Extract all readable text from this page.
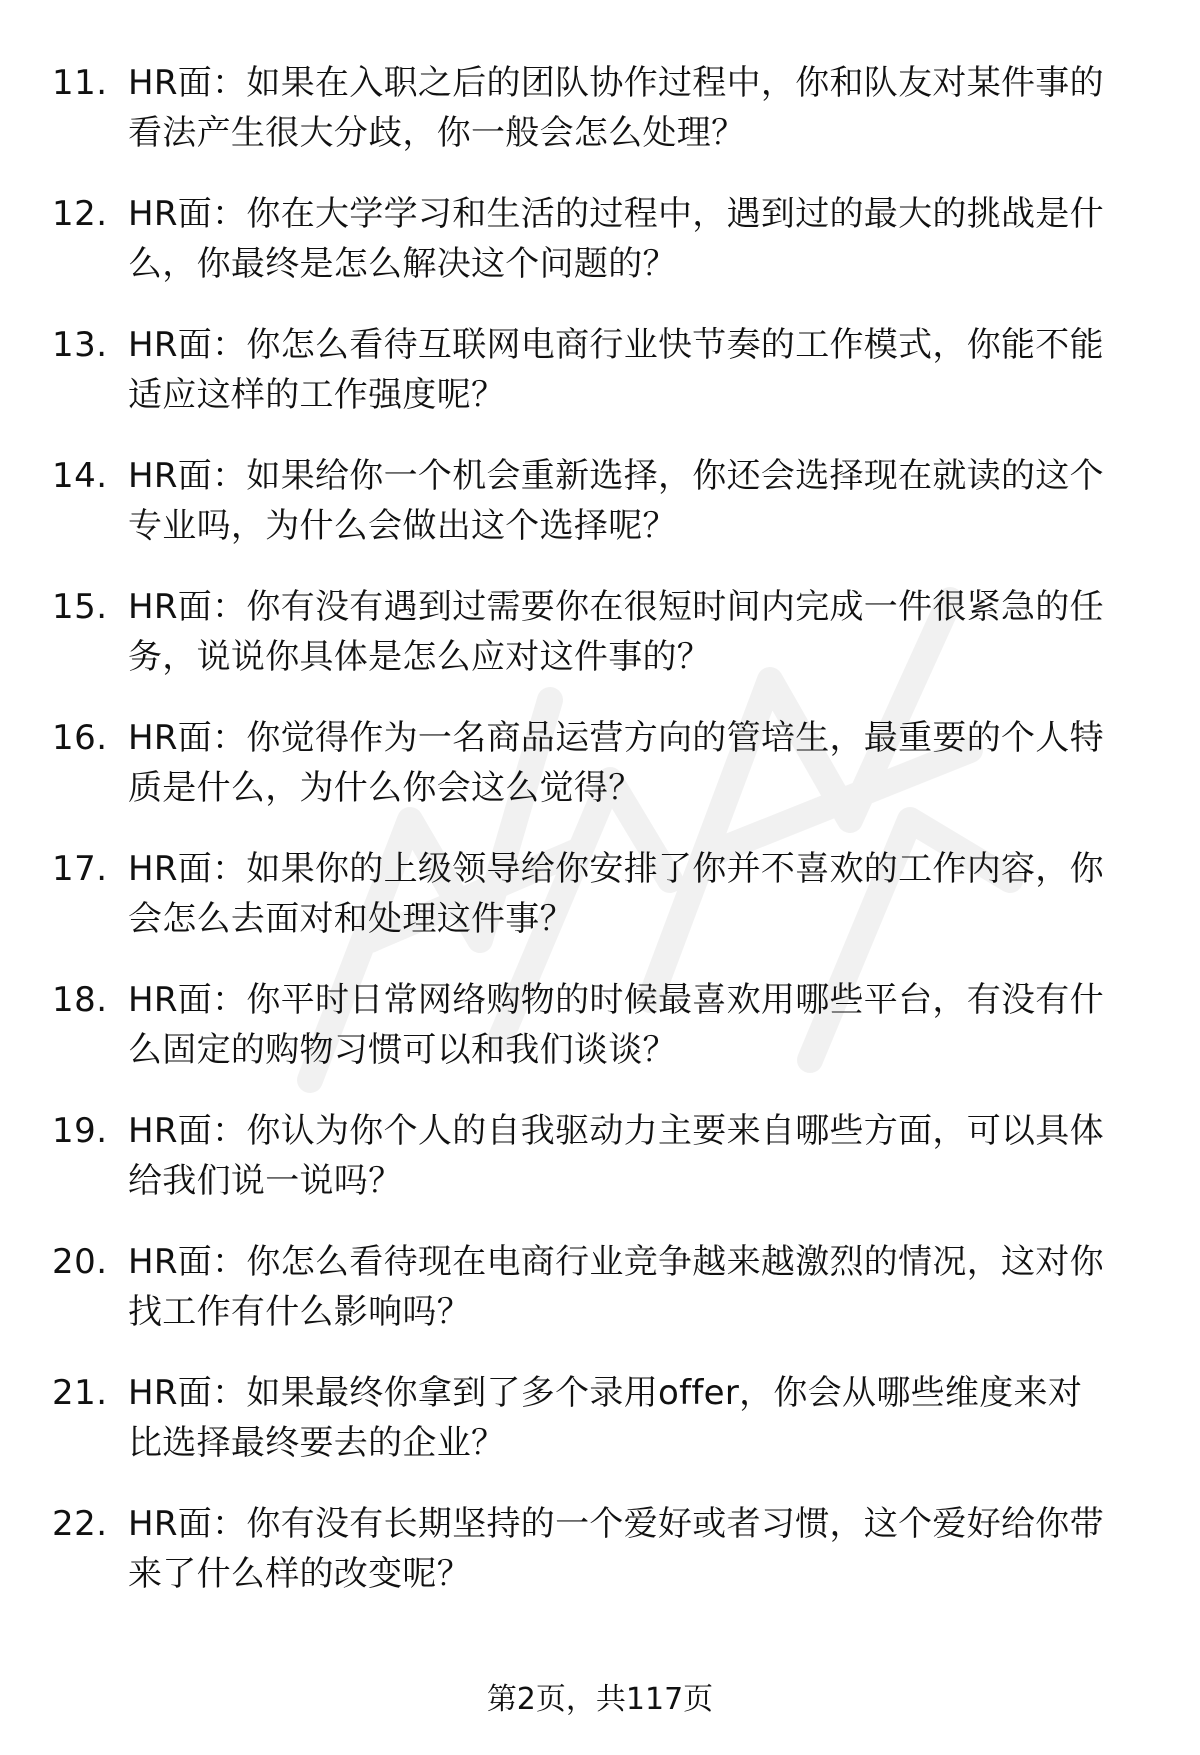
11. HR面：如果在入职之后的团队协作过程中，你和队友对某件事的
看法产生很大分歧，你一般会怎么处理？
12. HR面：你在大学学习和生活的过程中，遇到过的最大的挑战是什
么，你最终是怎么解决这个问题的？
13. HR面：你怎么看待互联网电商行业快节奏的工作模式，你能不能
适应这样的工作强度呢？
14. HR面：如果给你一个机会重新选择，你还会选择现在就读的这个
专业吗，为什么会做出这个选择呢？
15. HR面：你有没有遇到过需要你在很短时间内完成一件很紧急的任
务，说说你具体是怎么应对这件事的？
16. HR面：你觉得作为一名商品运营方向的管培生，最重要的个人特
质是什么，为什么你会这么觉得？
17. HR面：如果你的上级领导给你安排了你并不喜欢的工作内容，你
会怎么去面对和处理这件事？
18. HR面：你平时日常网络购物的时候最喜欢用哪些平台，有没有什
么固定的购物习惯可以和我们谈谈？
19. HR面：你认为你个人的自我驱动力主要来自哪些方面，可以具体
给我们说一说吗？
20. HR面：你怎么看待现在电商行业竞争越来越激烈的情况，这对你
找工作有什么影响吗？
21. HR面：如果最终你拿到了多个录用offer，你会从哪些维度来对
比选择最终要去的企业？
22. HR面：你有没有长期坚持的一个爱好或者习惯，这个爱好给你带
来了什么样的改变呢？
第2页，共117页
